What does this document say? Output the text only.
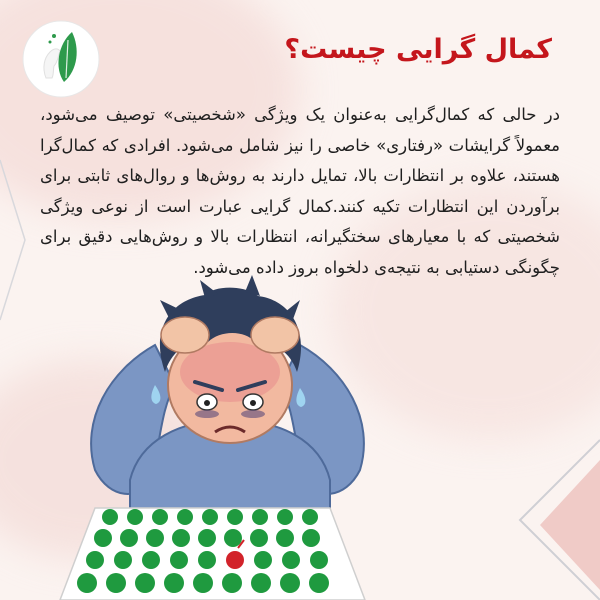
کمال گرایی چیست؟

در حالی که کمال‌گرایی به‌عنوان یک ویژگی «شخصیتی» توصیف می‌شود، معمولاً گرایشات «رفتاری» خاصی را نیز شامل می‌شود. افرادی که کمال‌گرا هستند، علاوه بر انتظارات بالا، تمایل دارند به روش‌ها و روال‌های ثابتی برای برآوردن این انتظارات تکیه کنند.کمال گرایی عبارت است از نوعی ویژگی شخصیتی که با معیارهای سختگیرانه، انتظارات بالا و روش‌هایی دقیق برای چگونگی دستیابی به نتیجه‌ی دلخواه بروز داده می‌شود.
